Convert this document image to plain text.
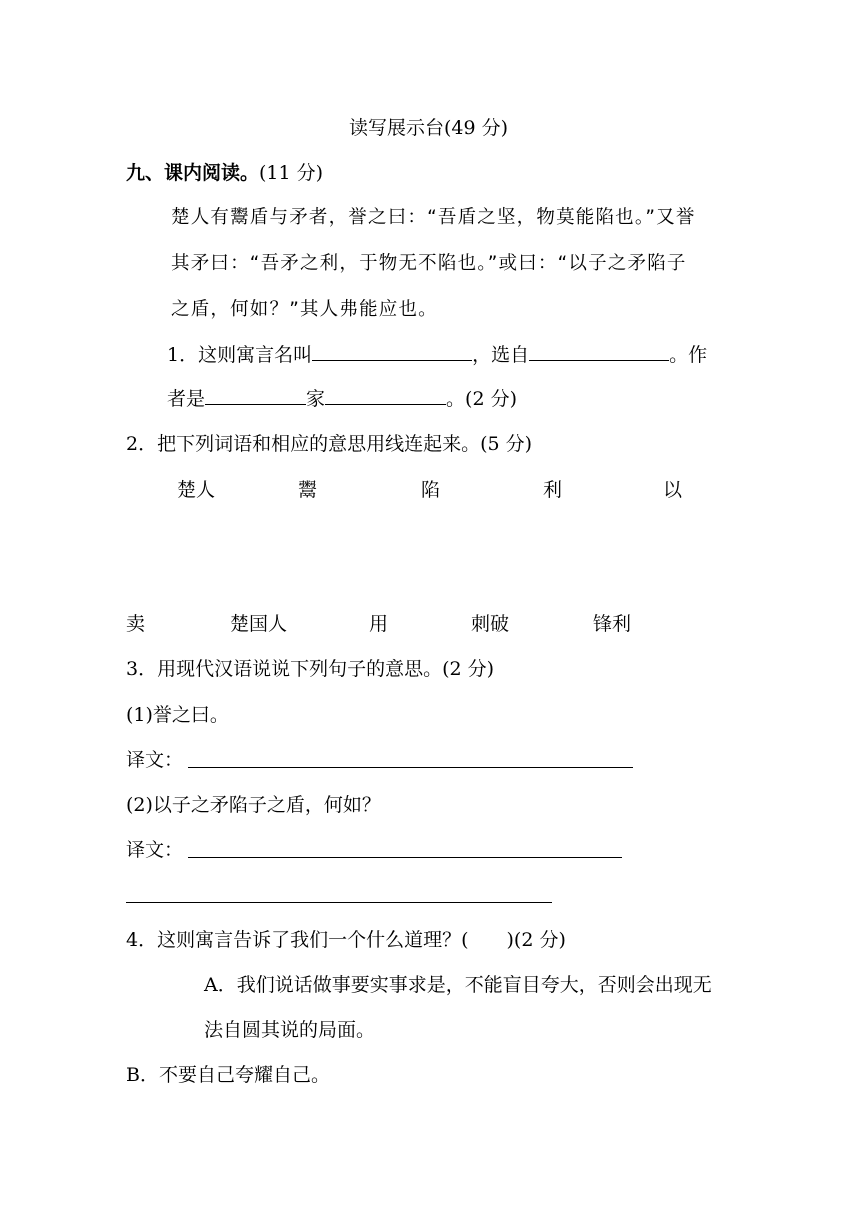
读写展示台(49 分)
九、课内阅读。(11 分)
楚人有鬻盾与矛者，誉之曰：“吾盾之坚，物莫能陷也。”又誉
其矛曰：“吾矛之利，于物无不陷也。”或曰：“以子之矛陷子
之盾，何如？”其人弗能应也。
1．这则寓言名叫	，选自	。作
者是	家	。(2 分)
2．把下列词语和相应的意思用线连起来。(5 分)
楚人	鬻	陷	利	以
卖	楚国人	用	刺破	锋利
3．用现代汉语说说下列句子的意思。(2 分)
(1)誉之曰。
译文：
(2)以子之矛陷子之盾，何如？
译文：
4．这则寓言告诉了我们一个什么道理？(　　)(2 分)
A．我们说话做事要实事求是，不能盲目夸大，否则会出现无
法自圆其说的局面。
B．不要自己夸耀自己。
